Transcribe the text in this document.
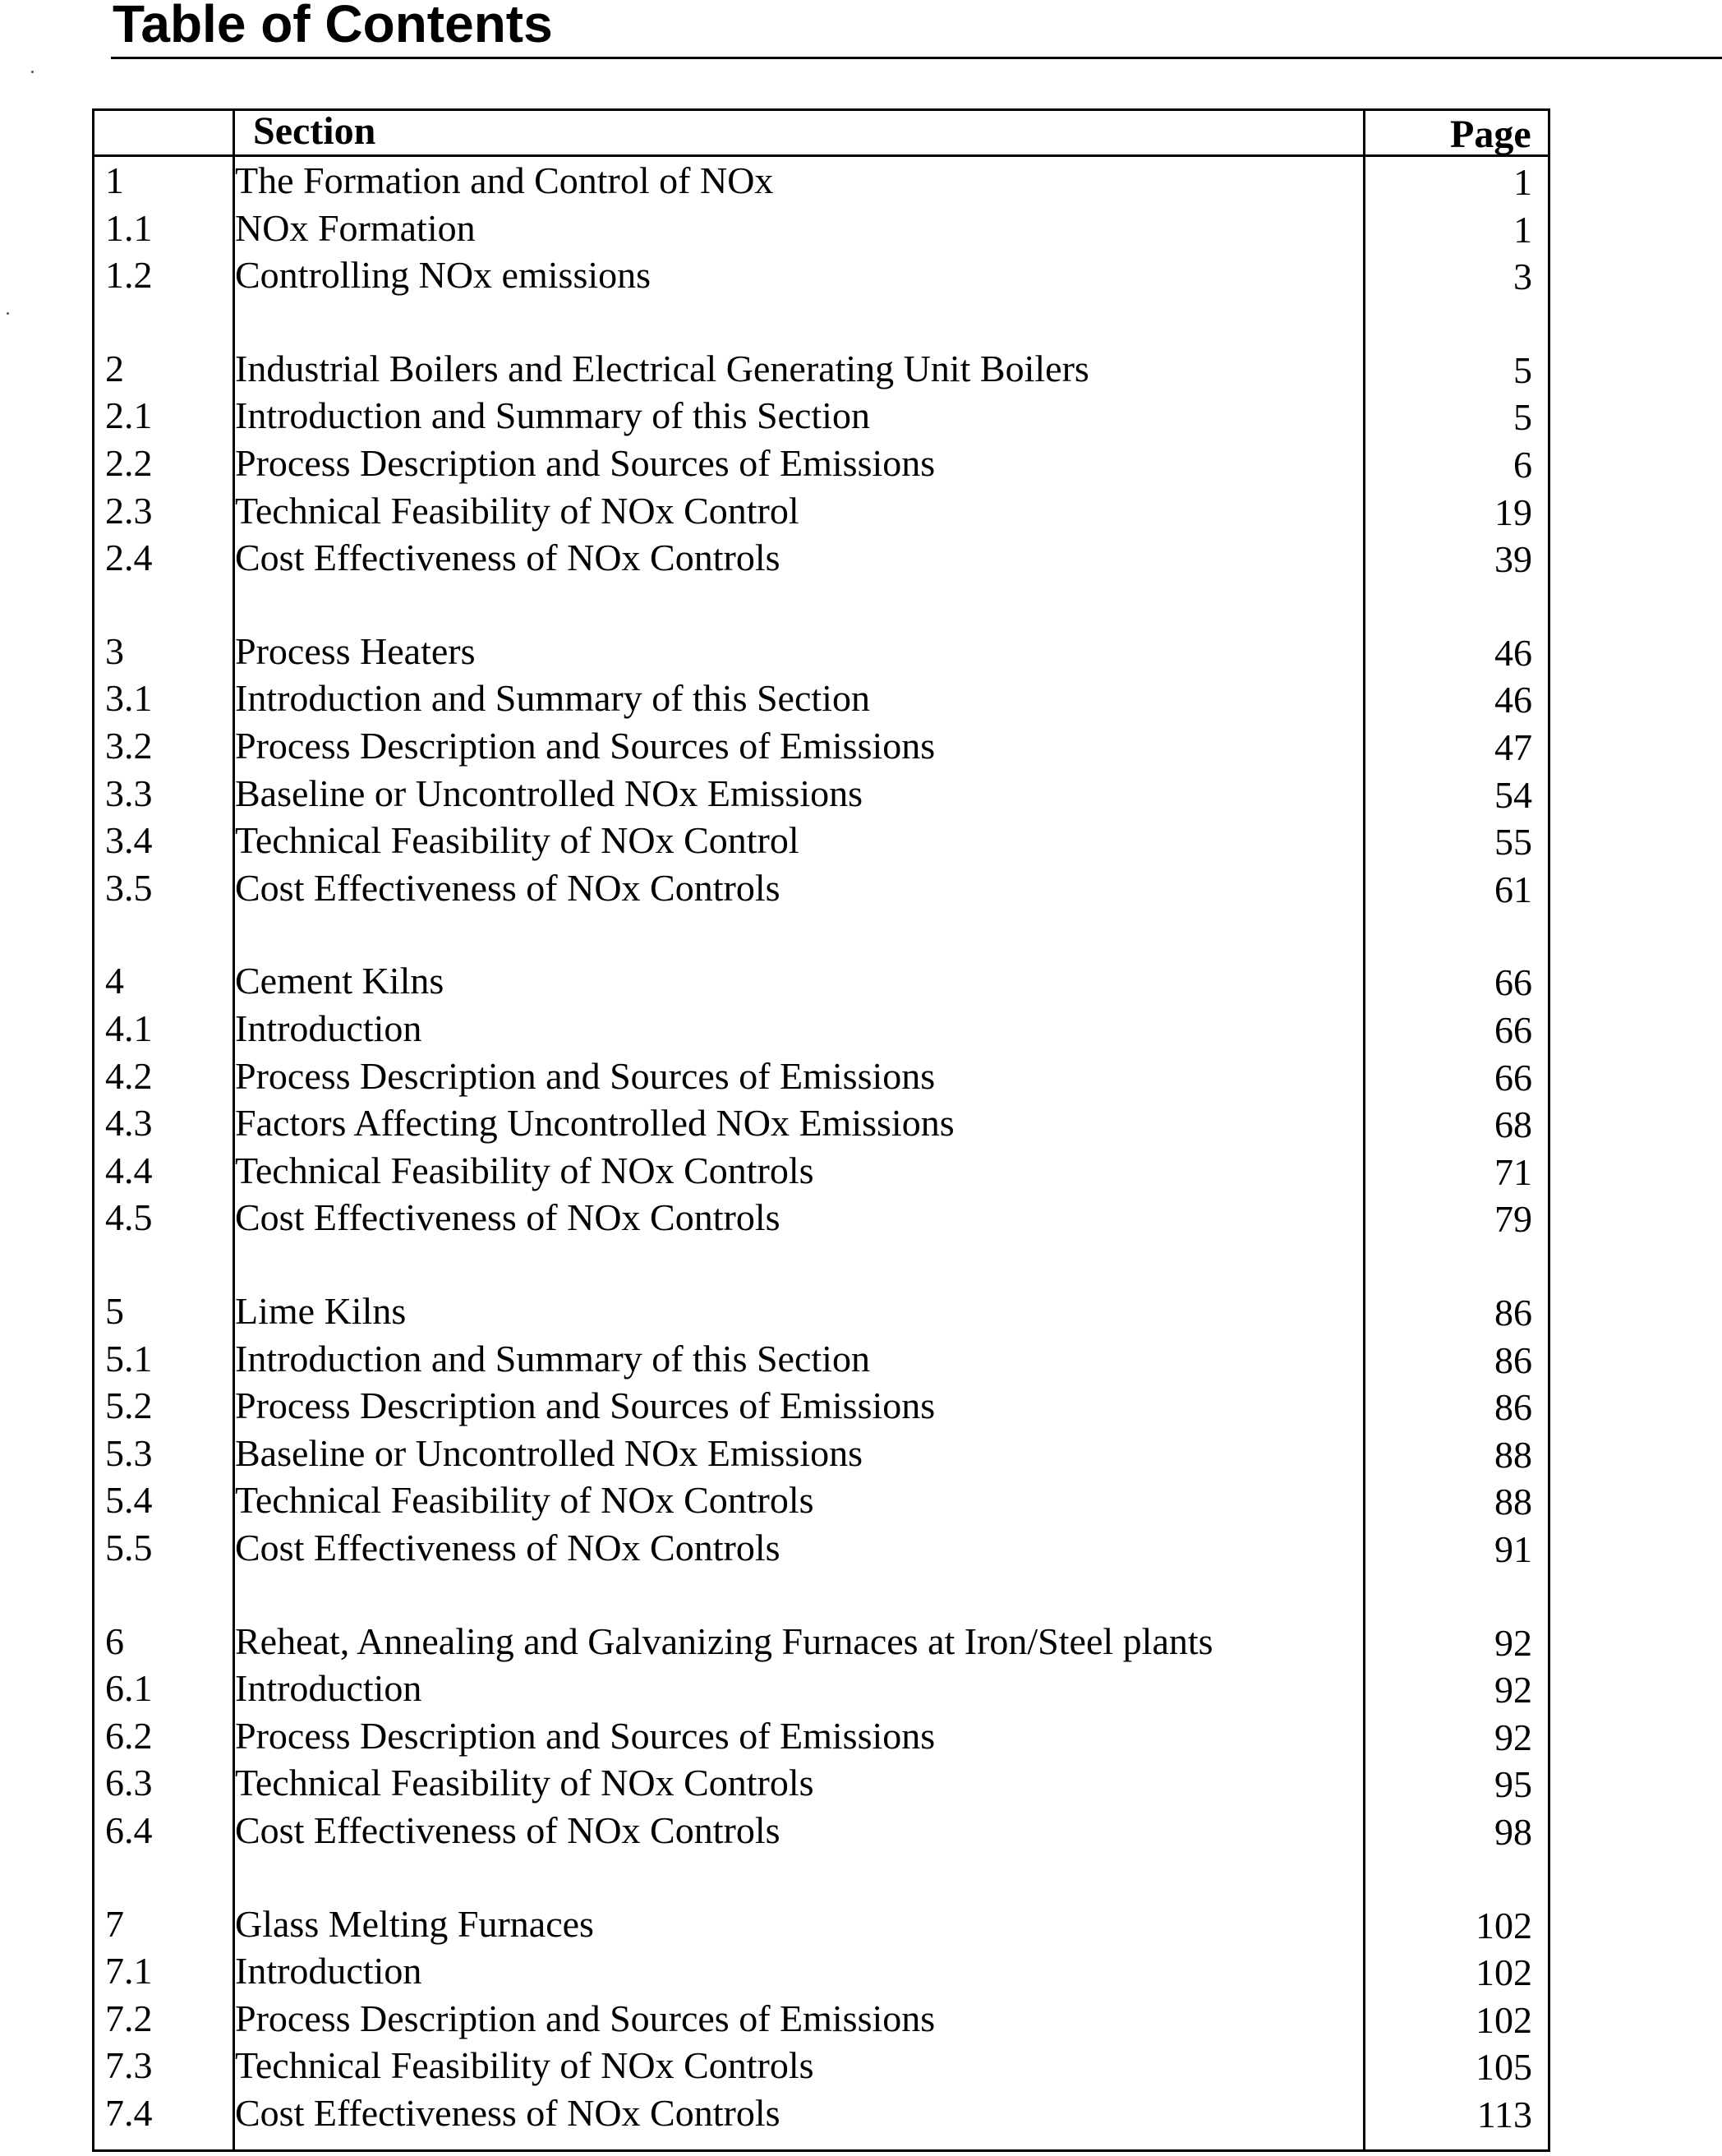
Table of Contents
Section	Page
1	The Formation and Control of NOx	1
1.1 NOx Formation	1
1.2 Controlling NOx emissions	3
2	Industrial Boilers and Electrical Generating Unit Boilers	5
2.1 Introduction and Summary of this Section	5
2.2 Process Description and Sources of Emissions	6
2.3 Technical Feasibility of NOx Control	19
2.4 Cost Effectiveness of NOx Controls	39
3	Process Heaters	46
3.1 Introduction and Summary of this Section	46
3.2 Process Description and Sources of Emissions	47
3.3 Baseline or Uncontrolled NOx Emissions	54
3.4 Technical Feasibility of NOx Control	55
3.5 Cost Effectiveness of NOx Controls	61
4	Cement Kilns	66
4.1 Introduction	66
4.2 Process Description and Sources of Emissions	66
4.3 Factors Affecting Uncontrolled NOx Emissions	68
4.4 Technical Feasibility of NOx Controls	71
4.5 Cost Effectiveness of NOx Controls	79
5	Lime Kilns	86
5.1 Introduction and Summary of this Section	86
5.2 Process Description and Sources of Emissions	86
5.3 Baseline or Uncontrolled NOx Emissions	88
5.4 Technical Feasibility of NOx Controls	88
5.5 Cost Effectiveness of NOx Controls	91
6	Reheat, Annealing and Galvanizing Furnaces at Iron/Steel plants	92
6.1 Introduction	92
6.2 Process Description and Sources of Emissions	92
6.3 Technical Feasibility of NOx Controls	95
6.4 Cost Effectiveness of NOx Controls	98
7	Glass Melting Furnaces	102
7.1 Introduction	102
7.2 Process Description and Sources of Emissions	102
7.3 Technical Feasibility of NOx Controls	105
7.4 Cost Effectiveness of NOx Controls	113
